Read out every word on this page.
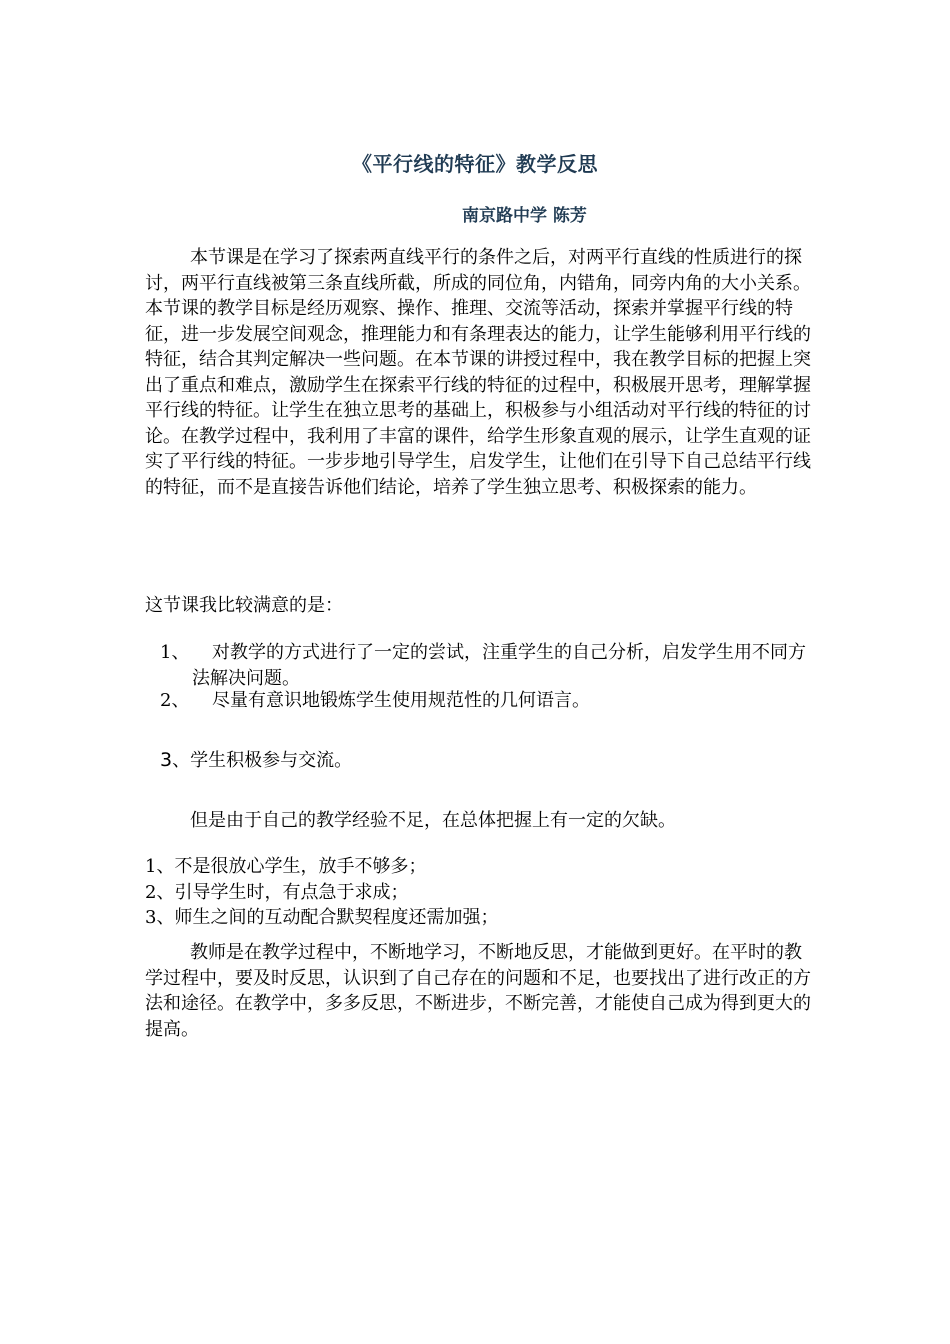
《平行线的特征》教学反思

南京路中学 陈芳

本节课是在学习了探索两直线平行的条件之后，对两平行直线的性质进行的探讨，两平行直线被第三条直线所截，所成的同位角，内错角，同旁内角的大小关系。本节课的教学目标是经历观察、操作、推理、交流等活动，探索并掌握平行线的特征，进一步发展空间观念，推理能力和有条理表达的能力，让学生能够利用平行线的特征，结合其判定解决一些问题。在本节课的讲授过程中，我在教学目标的把握上突出了重点和难点，激励学生在探索平行线的特征的过程中，积极展开思考，理解掌握平行线的特征。让学生在独立思考的基础上，积极参与小组活动对平行线的特征的讨论。在教学过程中，我利用了丰富的课件，给学生形象直观的展示，让学生直观的证实了平行线的特征。一步步地引导学生，启发学生，让他们在引导下自己总结平行线的特征，而不是直接告诉他们结论，培养了学生独立思考、积极探索的能力。

这节课我比较满意的是：

1、	对教学的方式进行了一定的尝试，注重学生的自己分析，启发学生用不同方法解决问题。
2、	尽量有意识地锻炼学生使用规范性的几何语言。
3、学生积极参与交流。

但是由于自己的教学经验不足，在总体把握上有一定的欠缺。

1、不是很放心学生，放手不够多；
2、引导学生时，有点急于求成；
3、师生之间的互动配合默契程度还需加强；

教师是在教学过程中，不断地学习，不断地反思，才能做到更好。在平时的教学过程中，要及时反思，认识到了自己存在的问题和不足，也要找出了进行改正的方法和途径。在教学中，多多反思，不断进步，不断完善，才能使自己成为得到更大的提高。
